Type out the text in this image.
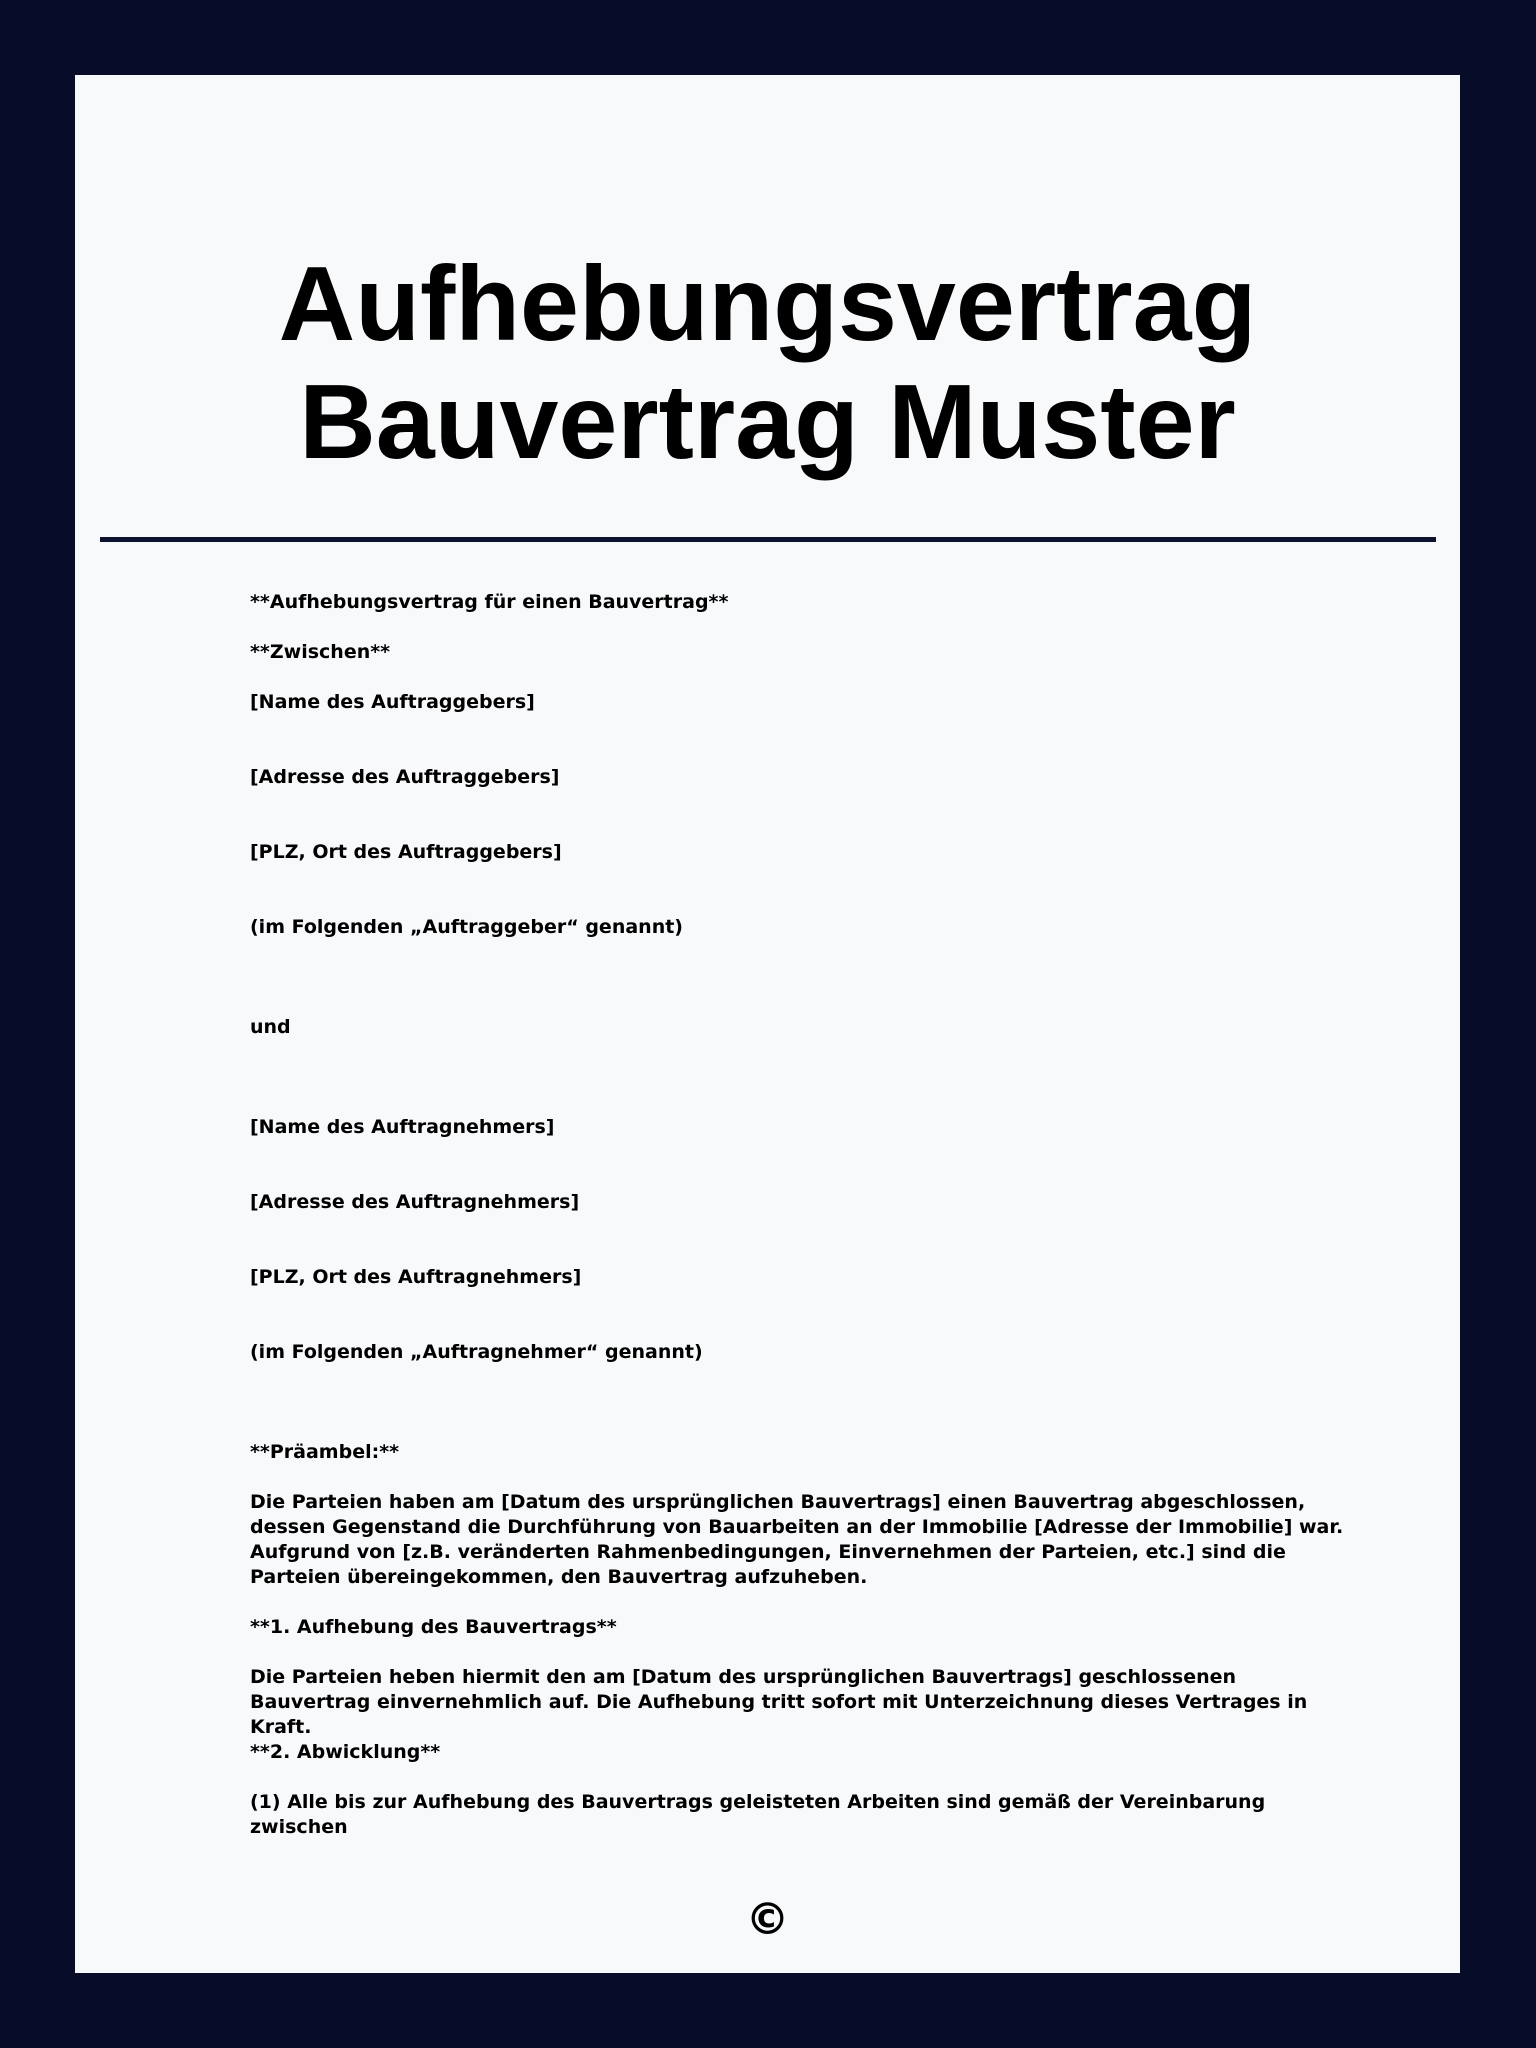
Aufhebungsvertrag
Bauvertrag Muster

**Aufhebungsvertrag für einen Bauvertrag**

**Zwischen**

[Name des Auftraggebers]

[Adresse des Auftraggebers]

[PLZ, Ort des Auftraggebers]

(im Folgenden „Auftraggeber“ genannt)

und

[Name des Auftragnehmers]

[Adresse des Auftragnehmers]

[PLZ, Ort des Auftragnehmers]

(im Folgenden „Auftragnehmer“ genannt)

**Präambel:**

Die Parteien haben am [Datum des ursprünglichen Bauvertrags] einen Bauvertrag abgeschlossen, dessen Gegenstand die Durchführung von Bauarbeiten an der Immobilie [Adresse der Immobilie] war. Aufgrund von [z.B. veränderten Rahmenbedingungen, Einvernehmen der Parteien, etc.] sind die Parteien übereingekommen, den Bauvertrag aufzuheben.

**1. Aufhebung des Bauvertrags**

Die Parteien heben hiermit den am [Datum des ursprünglichen Bauvertrags] geschlossenen Bauvertrag einvernehmlich auf. Die Aufhebung tritt sofort mit Unterzeichnung dieses Vertrages in Kraft.

**2. Abwicklung**

(1) Alle bis zur Aufhebung des Bauvertrags geleisteten Arbeiten sind gemäß der Vereinbarung zwischen

©
